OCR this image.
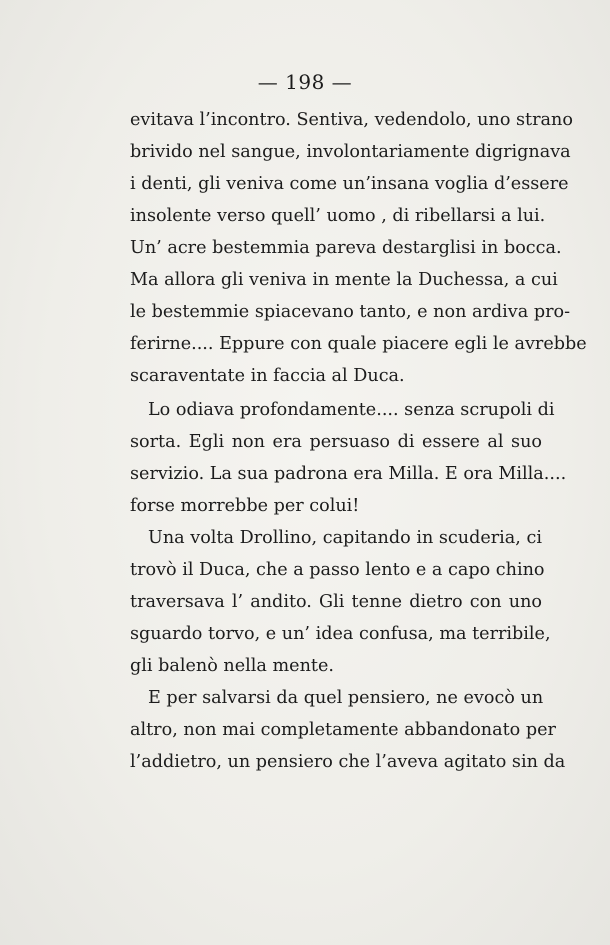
— 198 —
evitava l’incontro. Sentiva, vedendolo, uno strano
brivido nel sangue, involontariamente digrignava
i denti, gli veniva come un’insana voglia d’essere
insolente verso quell’ uomo , di ribellarsi a lui.
Un’ acre bestemmia pareva destarglisi in bocca.
Ma allora gli veniva in mente la Duchessa, a cui
le bestemmie spiacevano tanto, e non ardiva pro-
ferirne.... Eppure con quale piacere egli le avrebbe
scaraventate in faccia al Duca.
Lo odiava profondamente.... senza scrupoli di
sorta. Egli non era persuaso di essere al suo
servizio. La sua padrona era Milla. E ora Milla....
forse morrebbe per colui!
Una volta Drollino, capitando in scuderia, ci
trovò il Duca, che a passo lento e a capo chino
traversava l’ andito. Gli tenne dietro con uno
sguardo torvo, e un’ idea confusa, ma terribile,
gli balenò nella mente.
E per salvarsi da quel pensiero, ne evocò un
altro, non mai completamente abbandonato per
l’addietro, un pensiero che l’aveva agitato sin da
